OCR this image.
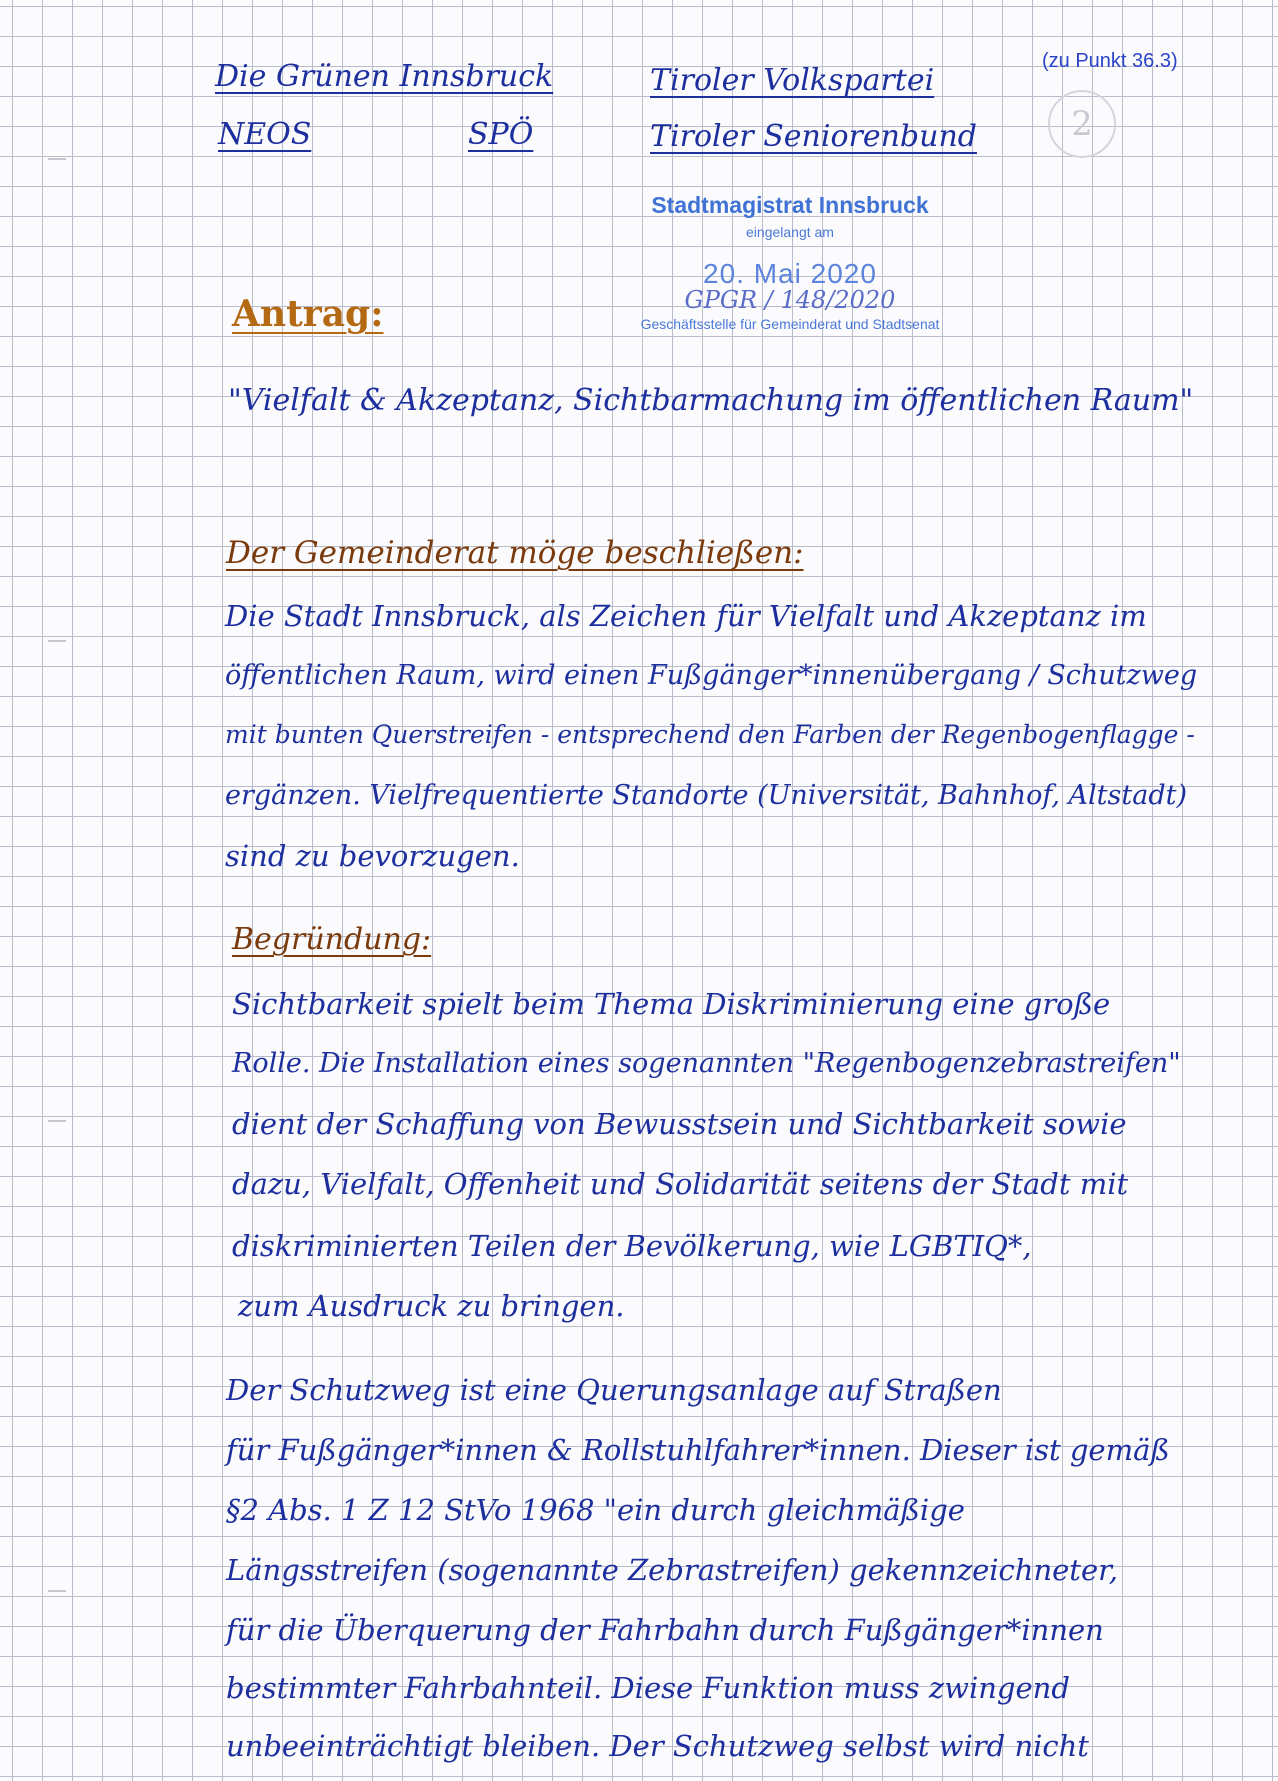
(zu Punkt 36.3)
2
Die Grünen Innsbruck	Tiroler Volkspartei
NEOS	SPÖ	Tiroler Seniorenbund
Stadtmagistrat Innsbruck
eingelangt am
20. Mai 2020
GPGR / 148/2020
Geschäftsstelle für Gemeinderat und Stadtsenat
Antrag:
"Vielfalt & Akzeptanz, Sichtbarmachung im öffentlichen Raum"
Der Gemeinderat möge beschließen:
Die Stadt Innsbruck, als Zeichen für Vielfalt und Akzeptanz im
öffentlichen Raum, wird einen Fußgänger*innenübergang / Schutzweg
mit bunten Querstreifen - entsprechend den Farben der Regenbogenflagge -
ergänzen. Vielfrequentierte Standorte (Universität, Bahnhof, Altstadt)
sind zu bevorzugen.
Begründung:
Sichtbarkeit spielt beim Thema Diskriminierung eine große
Rolle. Die Installation eines sogenannten "Regenbogenzebrastreifen"
dient der Schaffung von Bewusstsein und Sichtbarkeit sowie
dazu, Vielfalt, Offenheit und Solidarität seitens der Stadt mit
diskriminierten Teilen der Bevölkerung, wie LGBTIQ*,
zum Ausdruck zu bringen.
Der Schutzweg ist eine Querungsanlage auf Straßen
für Fußgänger*innen & Rollstuhlfahrer*innen. Dieser ist gemäß
§2 Abs. 1 Z 12 StVo 1968 "ein durch gleichmäßige
Längsstreifen (sogenannte Zebrastreifen) gekennzeichneter,
für die Überquerung der Fahrbahn durch Fußgänger*innen
bestimmter Fahrbahnteil. Diese Funktion muss zwingend
unbeeinträchtigt bleiben. Der Schutzweg selbst wird nicht
